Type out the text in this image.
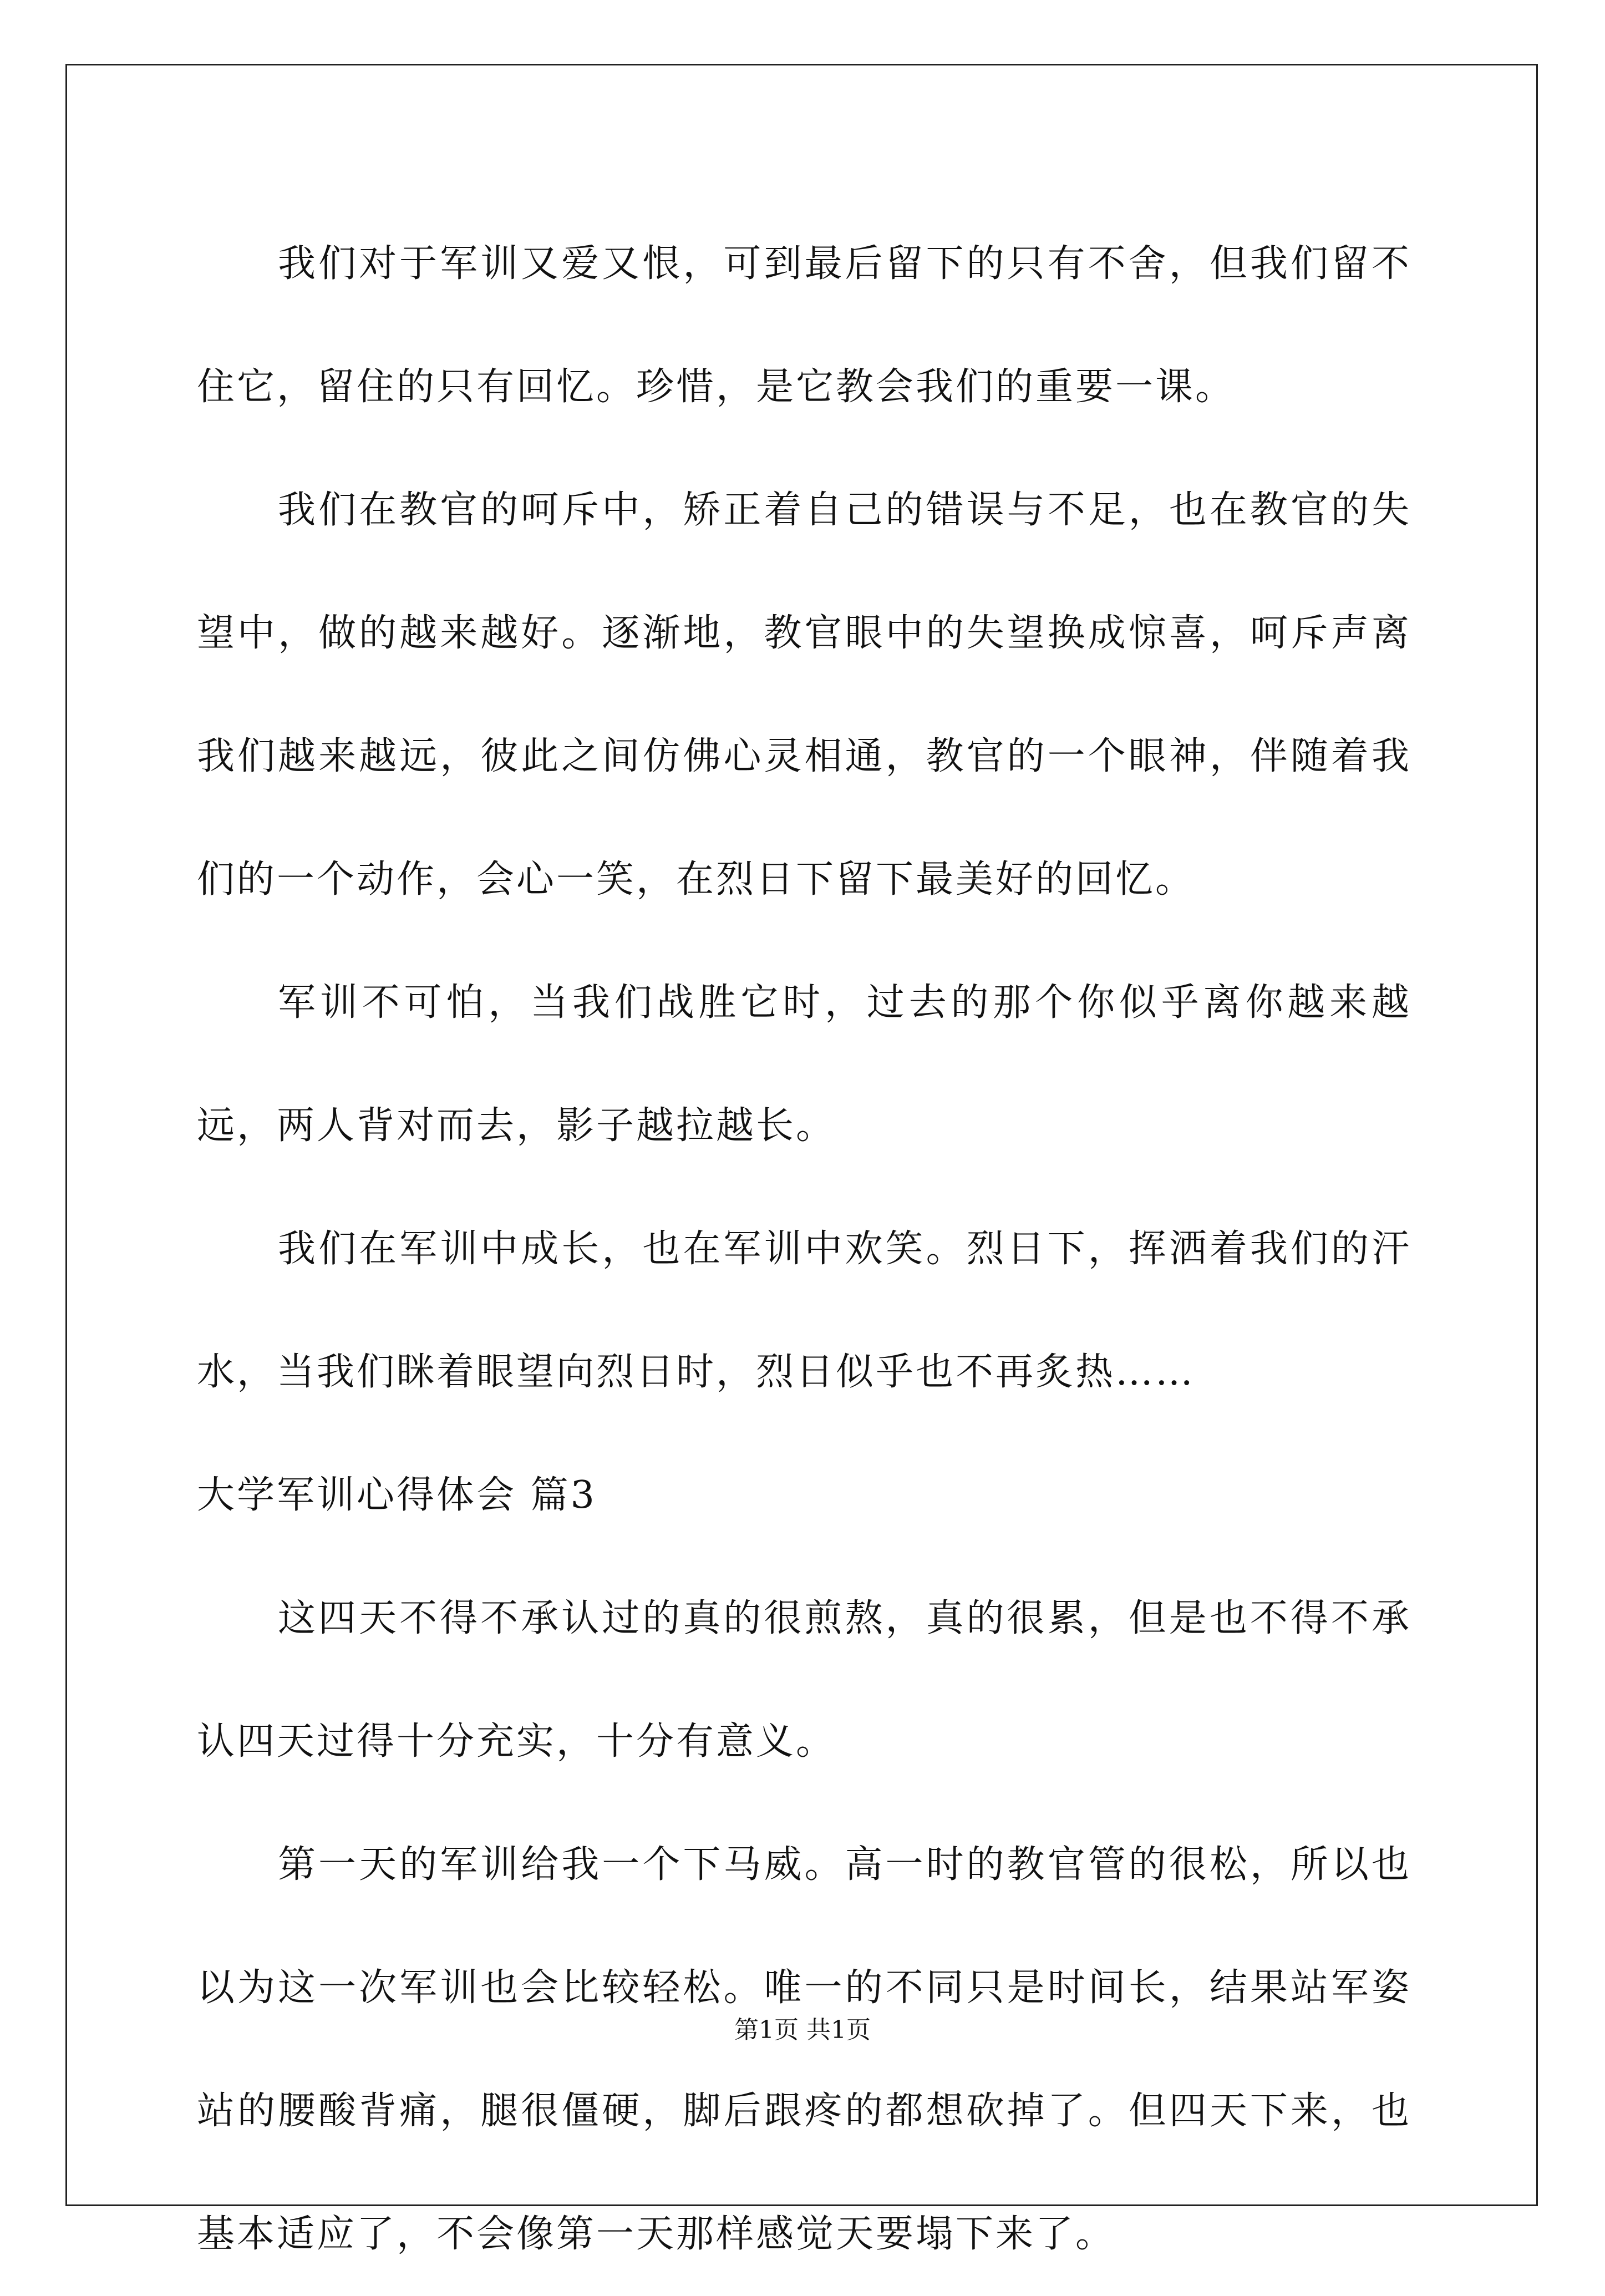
我们对于军训又爱又恨，可到最后留下的只有不舍，但我们留不住它，留住的只有回忆。珍惜，是它教会我们的重要一课。

我们在教官的呵斥中，矫正着自己的错误与不足，也在教官的失望中，做的越来越好。逐渐地，教官眼中的失望换成惊喜，呵斥声离我们越来越远，彼此之间仿佛心灵相通，教官的一个眼神，伴随着我们的一个动作，会心一笑，在烈日下留下最美好的回忆。

军训不可怕，当我们战胜它时，过去的那个你似乎离你越来越远，两人背对而去，影子越拉越长。

我们在军训中成长，也在军训中欢笑。烈日下，挥洒着我们的汗水，当我们眯着眼望向烈日时，烈日似乎也不再炙热……

大学军训心得体会 篇3

这四天不得不承认过的真的很煎熬，真的很累，但是也不得不承认四天过得十分充实，十分有意义。

第一天的军训给我一个下马威。高一时的教官管的很松，所以也以为这一次军训也会比较轻松。唯一的不同只是时间长，结果站军姿站的腰酸背痛，腿很僵硬，脚后跟疼的都想砍掉了。但四天下来，也基本适应了，不会像第一天那样感觉天要塌下来了。

第1页 共1页
